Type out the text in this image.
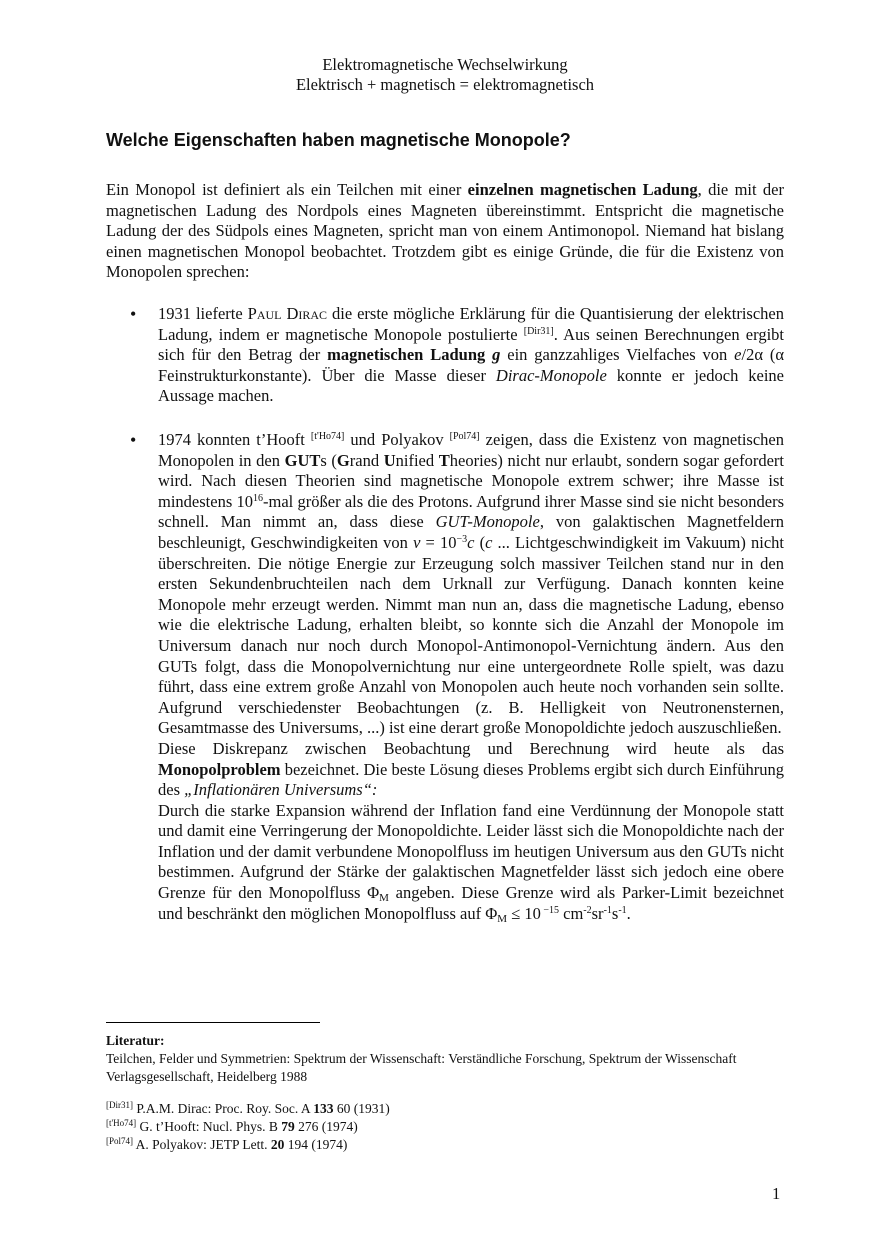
Elektromagnetische Wechselwirkung
Elektrisch + magnetisch = elektromagnetisch
Welche Eigenschaften haben magnetische Monopole?
Ein Monopol ist definiert als ein Teilchen mit einer einzelnen magnetischen Ladung, die mit der magnetischen Ladung des Nordpols eines Magneten übereinstimmt. Entspricht die magnetische Ladung der des Südpols eines Magneten, spricht man von einem Antimonopol. Niemand hat bislang einen magnetischen Monopol beobachtet. Trotzdem gibt es einige Gründe, die für die Existenz von Monopolen sprechen:
• 1931 lieferte Paul Dirac die erste mögliche Erklärung für die Quantisierung der elektrischen Ladung, indem er magnetische Monopole postulierte [Dir31]. Aus seinen Berechnungen ergibt sich für den Betrag der magnetischen Ladung g ein ganzzahliges Vielfaches von e/2α (α Feinstrukturkonstante). Über die Masse dieser Dirac-Monopole konnte er jedoch keine Aussage machen.
• 1974 konnten t’Hooft [t'Ho74] und Polyakov [Pol74] zeigen, dass die Existenz von magnetischen Monopolen in den GUTs (Grand Unified Theories) nicht nur erlaubt, sondern sogar gefordert wird. Nach diesen Theorien sind magnetische Monopole extrem schwer; ihre Masse ist mindestens $10^{16}$-mal größer als die des Protons. Aufgrund ihrer Masse sind sie nicht besonders schnell. Man nimmt an, dass diese GUT-Monopole, von galaktischen Magnetfeldern beschleunigt, Geschwindigkeiten von $v = 10^{-3}c$ (c ... Lichtgeschwindigkeit im Vakuum) nicht überschreiten. Die nötige Energie zur Erzeugung solch massiver Teilchen stand nur in den ersten Sekundenbruchteilen nach dem Urknall zur Verfügung. Danach konnten keine Monopole mehr erzeugt werden. Nimmt man nun an, dass die magnetische Ladung, ebenso wie die elektrische Ladung, erhalten bleibt, so konnte sich die Anzahl der Monopole im Universum danach nur noch durch Monopol-Antimonopol-Vernichtung ändern. Aus den GUTs folgt, dass die Monopolvernichtung nur eine untergeordnete Rolle spielt, was dazu führt, dass eine extrem große Anzahl von Monopolen auch heute noch vorhanden sein sollte. Aufgrund verschiedenster Beobachtungen (z. B. Helligkeit von Neutronensternen, Gesamtmasse des Universums, ...) ist eine derart große Monopoldichte jedoch auszuschließen.
Diese Diskrepanz zwischen Beobachtung und Berechnung wird heute als das Monopolproblem bezeichnet. Die beste Lösung dieses Problems ergibt sich durch Einführung des „Inflationären Universums“:
Durch die starke Expansion während der Inflation fand eine Verdünnung der Monopole statt und damit eine Verringerung der Monopoldichte. Leider lässt sich die Monopoldichte nach der Inflation und der damit verbundene Monopolfluss im heutigen Universum aus den GUTs nicht bestimmen. Aufgrund der Stärke der galaktischen Magnetfelder lässt sich jedoch eine obere Grenze für den Monopolfluss $\Phi_M$ angeben. Diese Grenze wird als Parker-Limit bezeichnet und beschränkt den möglichen Monopolfluss auf $\Phi_M \le 10$ $^{-15}$ $cm^{-2}sr^{-1}s^{-1}$.
Literatur:
Teilchen, Felder und Symmetrien: Spektrum der Wissenschaft: Verständliche Forschung, Spektrum der Wissenschaft Verlagsgesellschaft, Heidelberg 1988
[Dir31] P.A.M. Dirac: Proc. Roy. Soc. A 133 60 (1931)
[t'Ho74] G. t’Hooft: Nucl. Phys. B 79 276 (1974)
[Pol74] A. Polyakov: JETP Lett. 20 194 (1974)
1
